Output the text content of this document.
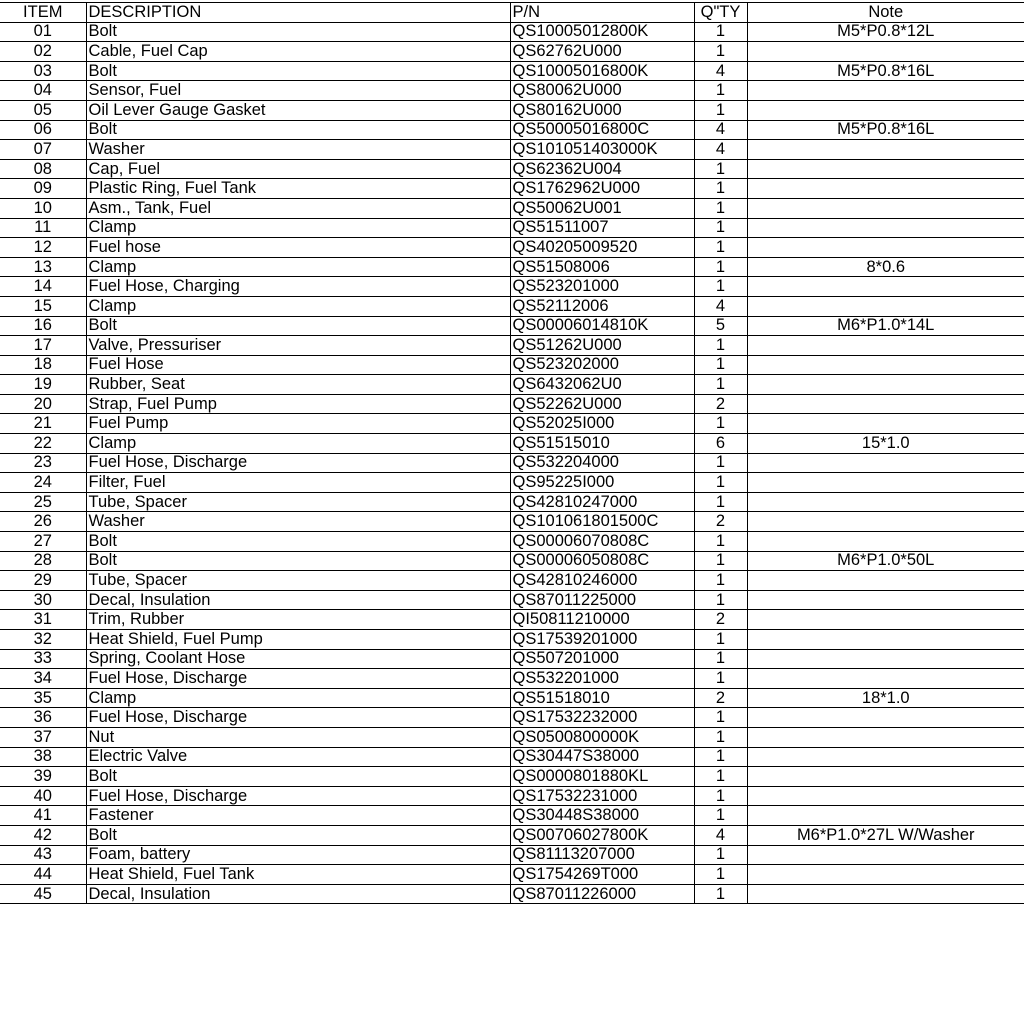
ITEM	DESCRIPTION	P/N	Q"TY	Note
01	Bolt	QS10005012800K	1	M5*P0.8*12L
02	Cable, Fuel Cap	QS62762U000	1	
03	Bolt	QS10005016800K	4	M5*P0.8*16L
04	Sensor, Fuel	QS80062U000	1	
05	Oil Lever Gauge Gasket	QS80162U000	1	
06	Bolt	QS50005016800C	4	M5*P0.8*16L
07	Washer	QS101051403000K	4	
08	Cap, Fuel	QS62362U004	1	
09	Plastic Ring, Fuel Tank	QS1762962U000	1	
10	Asm., Tank, Fuel	QS50062U001	1	
11	Clamp	QS51511007	1	
12	Fuel hose	QS40205009520	1	
13	Clamp	QS51508006	1	8*0.6
14	Fuel Hose, Charging	QS523201000	1	
15	Clamp	QS52112006	4	
16	Bolt	QS00006014810K	5	M6*P1.0*14L
17	Valve, Pressuriser	QS51262U000	1	
18	Fuel Hose	QS523202000	1	
19	Rubber, Seat	QS6432062U0	1	
20	Strap, Fuel Pump	QS52262U000	2	
21	Fuel Pump	QS52025I000	1	
22	Clamp	QS51515010	6	15*1.0
23	Fuel Hose, Discharge	QS532204000	1	
24	Filter, Fuel	QS95225I000	1	
25	Tube, Spacer	QS42810247000	1	
26	Washer	QS101061801500C	2	
27	Bolt	QS00006070808C	1	
28	Bolt	QS00006050808C	1	M6*P1.0*50L
29	Tube, Spacer	QS42810246000	1	
30	Decal, Insulation	QS87011225000	1	
31	Trim, Rubber	QI50811210000	2	
32	Heat Shield, Fuel Pump	QS17539201000	1	
33	Spring, Coolant Hose	QS507201000	1	
34	Fuel Hose, Discharge	QS532201000	1	
35	Clamp	QS51518010	2	18*1.0
36	Fuel Hose, Discharge	QS17532232000	1	
37	Nut	QS0500800000K	1	
38	Electric Valve	QS30447S38000	1	
39	Bolt	QS0000801880KL	1	
40	Fuel Hose, Discharge	QS17532231000	1	
41	Fastener	QS30448S38000	1	
42	Bolt	QS00706027800K	4	M6*P1.0*27L W/Washer
43	Foam, battery	QS81113207000	1	
44	Heat Shield, Fuel Tank	QS1754269T000	1	
45	Decal, Insulation	QS87011226000	1	
